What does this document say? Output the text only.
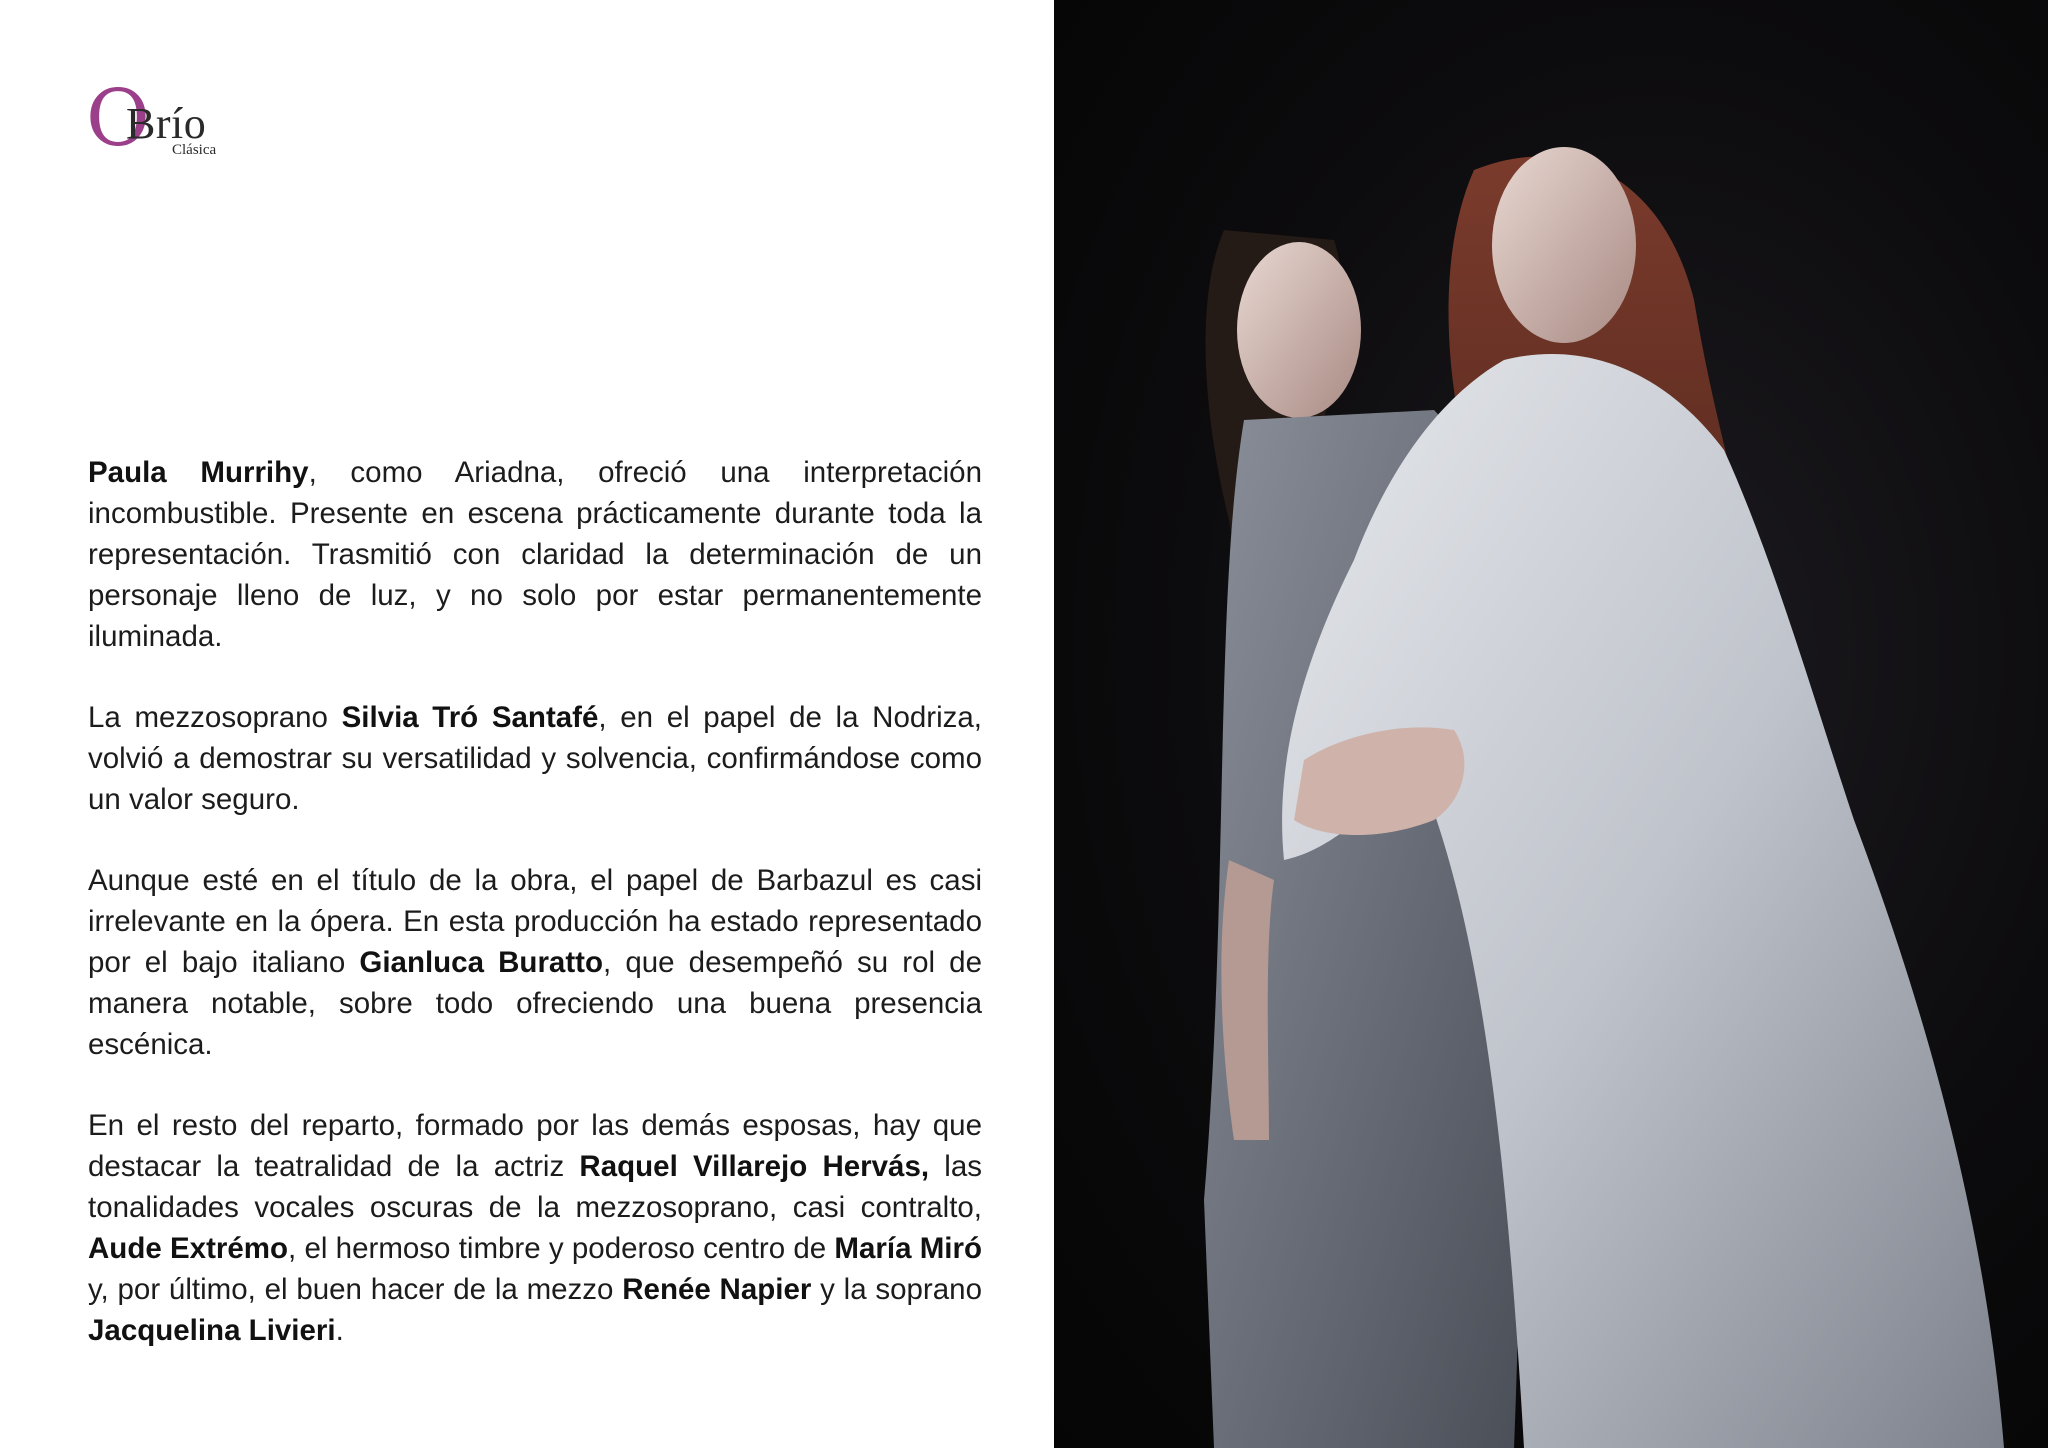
O
Brío
Clásica

Paula Murrihy, como Ariadna, ofreció una interpretación incombustible. Presente en escena prácticamente durante toda la representación. Trasmitió con claridad la determinación de un personaje lleno de luz, y no solo por estar permanentemente iluminada.

La mezzosoprano Silvia Tró Santafé, en el papel de la Nodriza, volvió a demostrar su versatilidad y solvencia, confirmándose como un valor seguro.

Aunque esté en el título de la obra, el papel de Barbazul es casi irrelevante en la ópera. En esta producción ha estado representado por el bajo italiano Gianluca Buratto, que desempeñó su rol de manera notable, sobre todo ofreciendo una buena presencia escénica.

En el resto del reparto, formado por las demás esposas, hay que destacar la teatralidad de la actriz Raquel Villarejo Hervás, las tonalidades vocales oscuras de la mezzosoprano, casi contralto, Aude Extrémo, el hermoso timbre y poderoso centro de María Miró y, por último, el buen hacer de la mezzo Renée Napier y la soprano Jacquelina Livieri.
